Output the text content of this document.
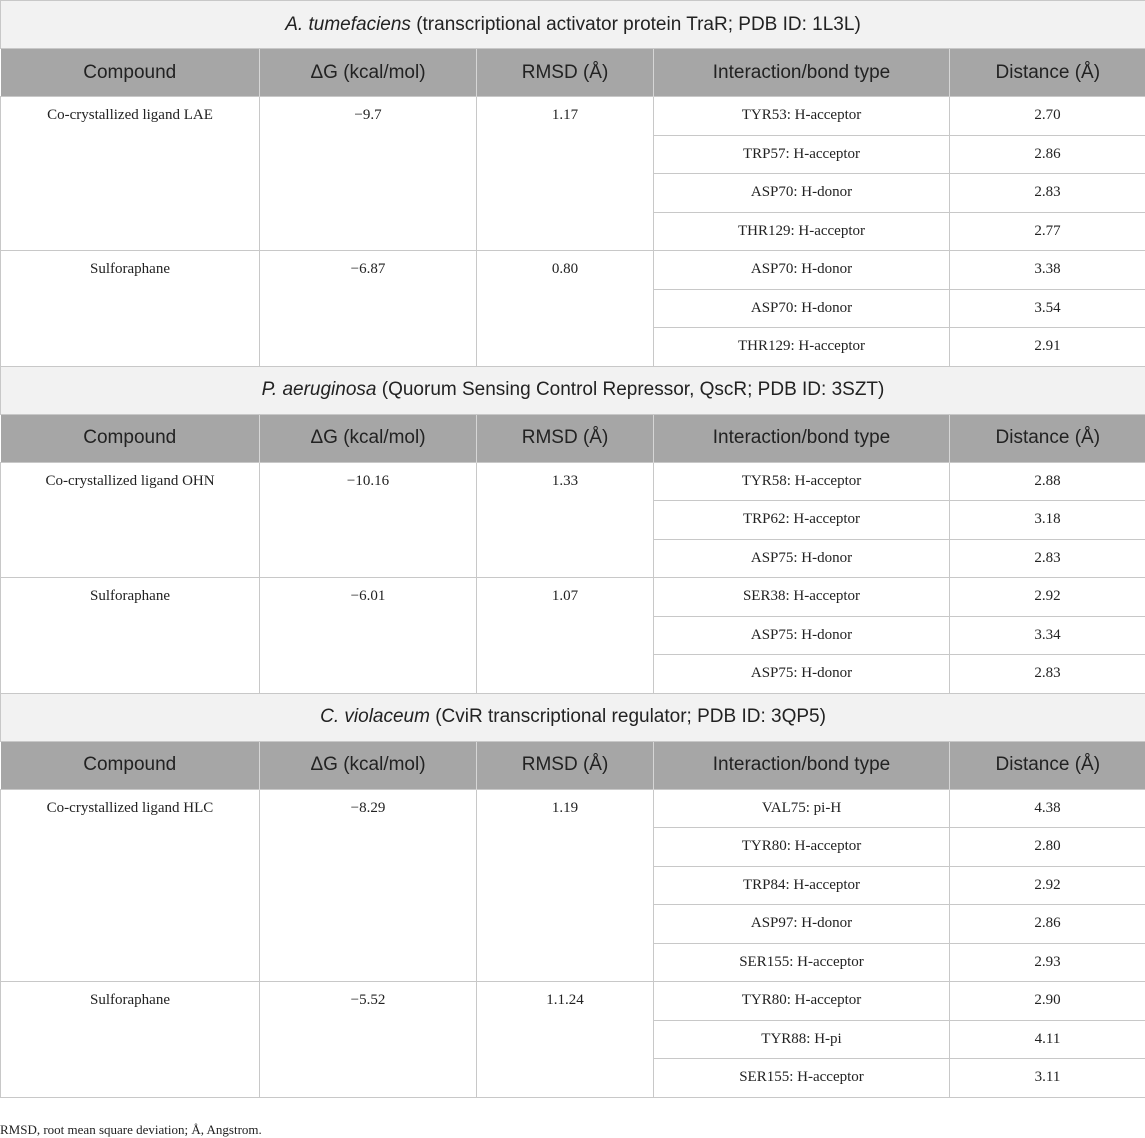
A. tumefaciens (transcriptional activator protein TraR; PDB ID: 1L3L)				
Compound	ΔG (kcal/mol)	RMSD (Å)	Interaction/bond type	Distance (Å)
Co-crystallized ligand LAE	−9.7	1.17	TYR53: H-acceptor	2.70
			TRP57: H-acceptor	2.86
			ASP70: H-donor	2.83
			THR129: H-acceptor	2.77
Sulforaphane	−6.87	0.80	ASP70: H-donor	3.38
			ASP70: H-donor	3.54
			THR129: H-acceptor	2.91
P. aeruginosa (Quorum Sensing Control Repressor, QscR; PDB ID: 3SZT)				
Compound	ΔG (kcal/mol)	RMSD (Å)	Interaction/bond type	Distance (Å)
Co-crystallized ligand OHN	−10.16	1.33	TYR58: H-acceptor	2.88
			TRP62: H-acceptor	3.18
			ASP75: H-donor	2.83
Sulforaphane	−6.01	1.07	SER38: H-acceptor	2.92
			ASP75: H-donor	3.34
			ASP75: H-donor	2.83
C. violaceum (CviR transcriptional regulator; PDB ID: 3QP5)				
Compound	ΔG (kcal/mol)	RMSD (Å)	Interaction/bond type	Distance (Å)
Co-crystallized ligand HLC	−8.29	1.19	VAL75: pi-H	4.38
			TYR80: H-acceptor	2.80
			TRP84: H-acceptor	2.92
			ASP97: H-donor	2.86
			SER155: H-acceptor	2.93
Sulforaphane	−5.52	1.1.24	TYR80: H-acceptor	2.90
			TYR88: H-pi	4.11
			SER155: H-acceptor	3.11
RMSD, root mean square deviation; Å, Angstrom.
